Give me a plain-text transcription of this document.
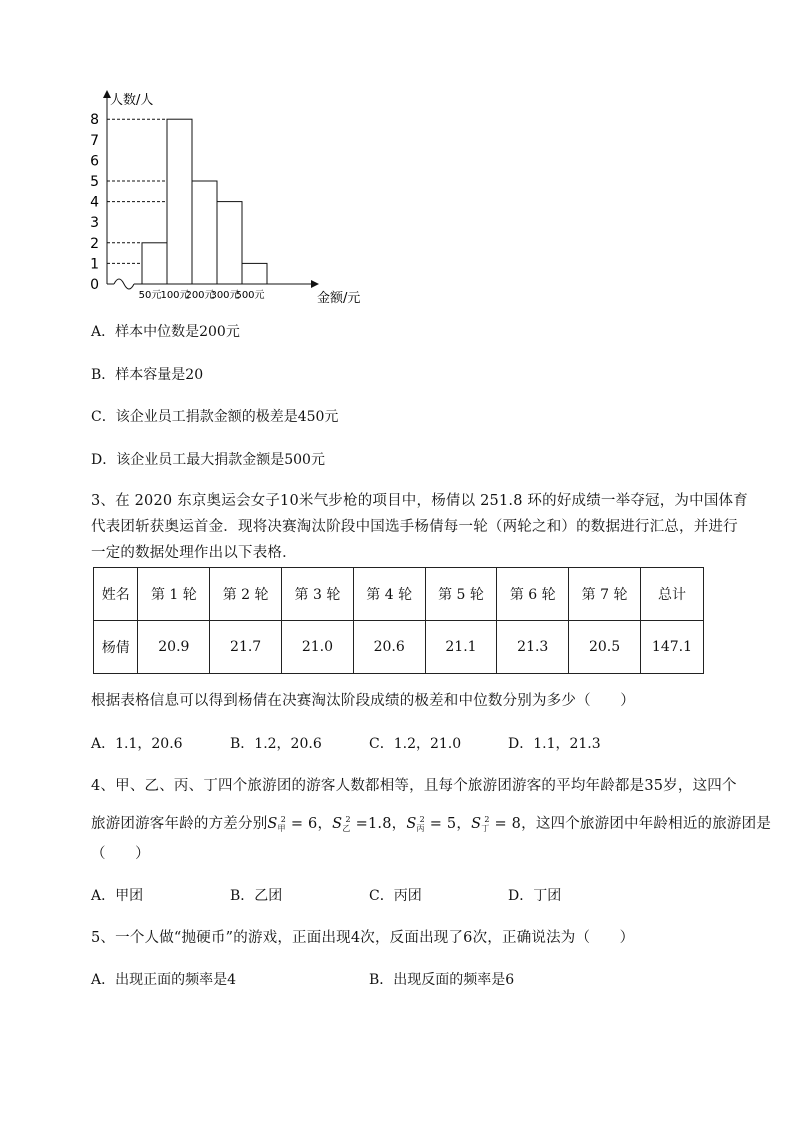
0
1
2
3
4
5
6
7
8
人数/人
金额/元
50元 100元
200元
300元
500元
A．样本中位数是200元
B．样本容量是20
C．该企业员工捐款金额的极差是450元
D．该企业员工最大捐款金额是500元
3、在 2020 东京奥运会女子10米气步枪的项目中，杨倩以 251.8 环的好成绩一举夺冠，为中国体育
代表团斩获奥运首金．现将决赛淘汰阶段中国选手杨倩每一轮（两轮之和）的数据进行汇总，并进行
一定的数据处理作出以下表格．
姓名	第 1 轮	第 2 轮	第 3 轮	第 4 轮	第 5 轮	第 6 轮	第 7 轮	总计
杨倩	20.9	21.7	21.0	20.6	21.1	21.3	20.5	147.1
根据表格信息可以得到杨倩在决赛淘汰阶段成绩的极差和中位数分别为多少（　　）
A．1.1，20.6	B．1.2，20.6	C．1.2，21.0	D．1.1，21.3
4、甲、乙、丙、丁四个旅游团的游客人数都相等，且每个旅游团游客的平均年龄都是35岁，这四个
旅游团游客年龄的方差分别$S_甲^2 = 6$，$S_乙^2 =1.8$，$S_丙^2 = 5$，$S_丁^2 = 8$，这四个旅游团中年龄相近的旅游团是
（　　）
A．甲团	B．乙团	C．丙团	D．丁团
5、一个人做“抛硬币”的游戏，正面出现4次，反面出现了6次，正确说法为（　　）
A．出现正面的频率是4	B．出现反面的频率是6
